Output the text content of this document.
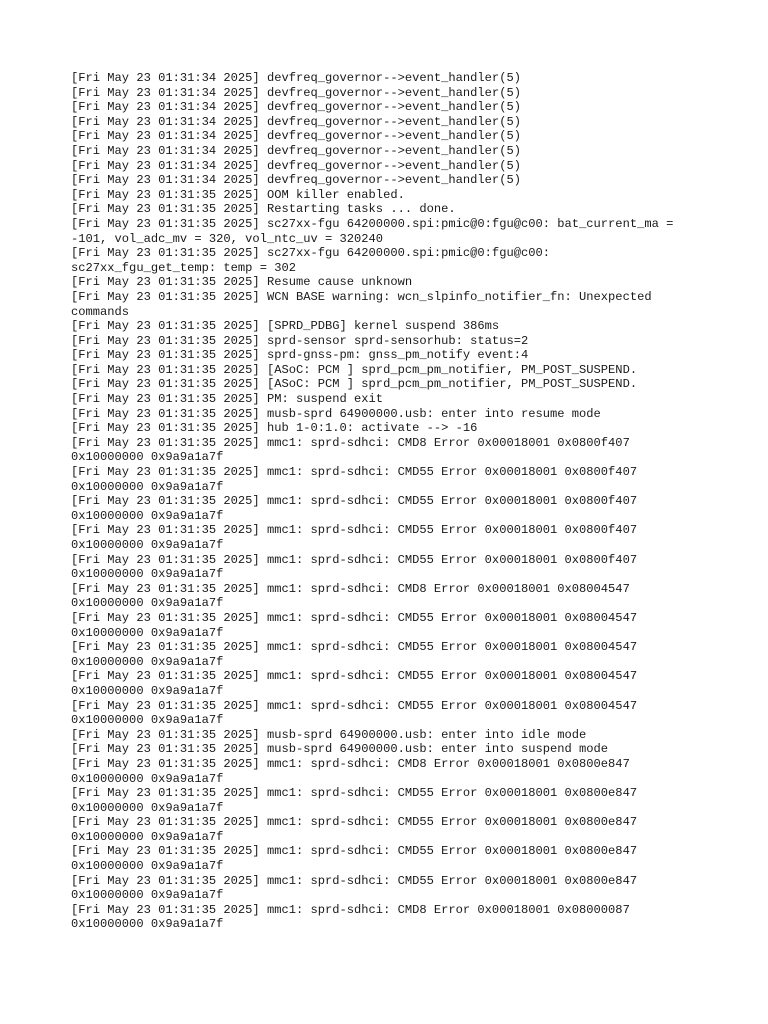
[Fri May 23 01:31:34 2025] devfreq_governor-->event_handler(5)
[Fri May 23 01:31:34 2025] devfreq_governor-->event_handler(5)
[Fri May 23 01:31:34 2025] devfreq_governor-->event_handler(5)
[Fri May 23 01:31:34 2025] devfreq_governor-->event_handler(5)
[Fri May 23 01:31:34 2025] devfreq_governor-->event_handler(5)
[Fri May 23 01:31:34 2025] devfreq_governor-->event_handler(5)
[Fri May 23 01:31:34 2025] devfreq_governor-->event_handler(5)
[Fri May 23 01:31:34 2025] devfreq_governor-->event_handler(5)
[Fri May 23 01:31:35 2025] OOM killer enabled.
[Fri May 23 01:31:35 2025] Restarting tasks ... done.
[Fri May 23 01:31:35 2025] sc27xx-fgu 64200000.spi:pmic@0:fgu@c00: bat_current_ma =
-101, vol_adc_mv = 320, vol_ntc_uv = 320240
[Fri May 23 01:31:35 2025] sc27xx-fgu 64200000.spi:pmic@0:fgu@c00:
sc27xx_fgu_get_temp: temp = 302
[Fri May 23 01:31:35 2025] Resume cause unknown
[Fri May 23 01:31:35 2025] WCN BASE warning: wcn_slpinfo_notifier_fn: Unexpected
commands
[Fri May 23 01:31:35 2025] [SPRD_PDBG] kernel suspend 386ms
[Fri May 23 01:31:35 2025] sprd-sensor sprd-sensorhub: status=2
[Fri May 23 01:31:35 2025] sprd-gnss-pm: gnss_pm_notify event:4
[Fri May 23 01:31:35 2025] [ASoC: PCM ] sprd_pcm_pm_notifier, PM_POST_SUSPEND.
[Fri May 23 01:31:35 2025] [ASoC: PCM ] sprd_pcm_pm_notifier, PM_POST_SUSPEND.
[Fri May 23 01:31:35 2025] PM: suspend exit
[Fri May 23 01:31:35 2025] musb-sprd 64900000.usb: enter into resume mode
[Fri May 23 01:31:35 2025] hub 1-0:1.0: activate --> -16
[Fri May 23 01:31:35 2025] mmc1: sprd-sdhci: CMD8 Error 0x00018001 0x0800f407
0x10000000 0x9a9a1a7f
[Fri May 23 01:31:35 2025] mmc1: sprd-sdhci: CMD55 Error 0x00018001 0x0800f407
0x10000000 0x9a9a1a7f
[Fri May 23 01:31:35 2025] mmc1: sprd-sdhci: CMD55 Error 0x00018001 0x0800f407
0x10000000 0x9a9a1a7f
[Fri May 23 01:31:35 2025] mmc1: sprd-sdhci: CMD55 Error 0x00018001 0x0800f407
0x10000000 0x9a9a1a7f
[Fri May 23 01:31:35 2025] mmc1: sprd-sdhci: CMD55 Error 0x00018001 0x0800f407
0x10000000 0x9a9a1a7f
[Fri May 23 01:31:35 2025] mmc1: sprd-sdhci: CMD8 Error 0x00018001 0x08004547
0x10000000 0x9a9a1a7f
[Fri May 23 01:31:35 2025] mmc1: sprd-sdhci: CMD55 Error 0x00018001 0x08004547
0x10000000 0x9a9a1a7f
[Fri May 23 01:31:35 2025] mmc1: sprd-sdhci: CMD55 Error 0x00018001 0x08004547
0x10000000 0x9a9a1a7f
[Fri May 23 01:31:35 2025] mmc1: sprd-sdhci: CMD55 Error 0x00018001 0x08004547
0x10000000 0x9a9a1a7f
[Fri May 23 01:31:35 2025] mmc1: sprd-sdhci: CMD55 Error 0x00018001 0x08004547
0x10000000 0x9a9a1a7f
[Fri May 23 01:31:35 2025] musb-sprd 64900000.usb: enter into idle mode
[Fri May 23 01:31:35 2025] musb-sprd 64900000.usb: enter into suspend mode
[Fri May 23 01:31:35 2025] mmc1: sprd-sdhci: CMD8 Error 0x00018001 0x0800e847
0x10000000 0x9a9a1a7f
[Fri May 23 01:31:35 2025] mmc1: sprd-sdhci: CMD55 Error 0x00018001 0x0800e847
0x10000000 0x9a9a1a7f
[Fri May 23 01:31:35 2025] mmc1: sprd-sdhci: CMD55 Error 0x00018001 0x0800e847
0x10000000 0x9a9a1a7f
[Fri May 23 01:31:35 2025] mmc1: sprd-sdhci: CMD55 Error 0x00018001 0x0800e847
0x10000000 0x9a9a1a7f
[Fri May 23 01:31:35 2025] mmc1: sprd-sdhci: CMD55 Error 0x00018001 0x0800e847
0x10000000 0x9a9a1a7f
[Fri May 23 01:31:35 2025] mmc1: sprd-sdhci: CMD8 Error 0x00018001 0x08000087
0x10000000 0x9a9a1a7f
